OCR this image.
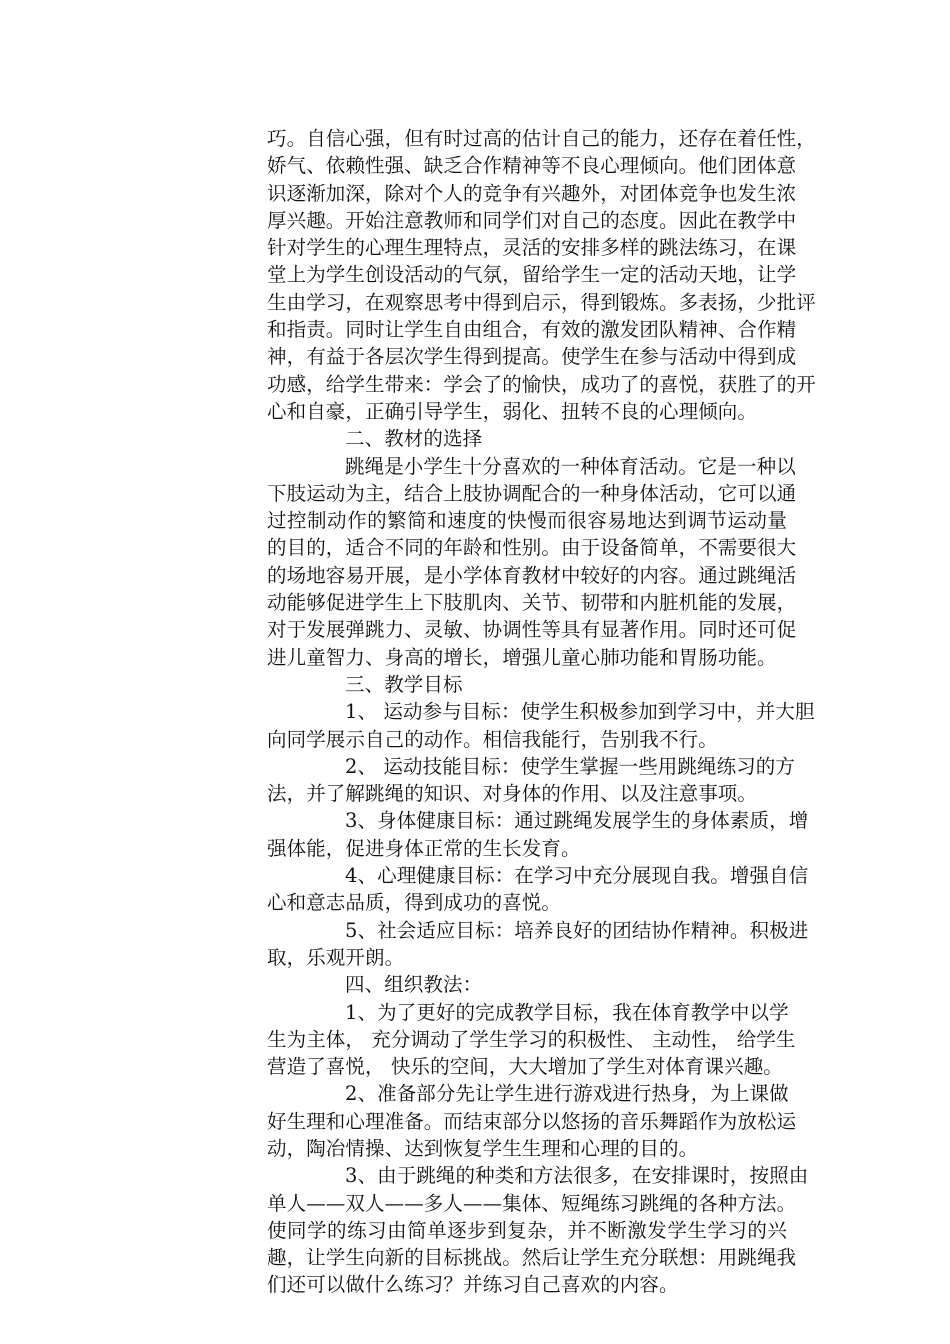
巧。自信心强，但有时过高的估计自己的能力，还存在着任性，
娇气、依赖性强、缺乏合作精神等不良心理倾向。他们团体意
识逐渐加深，除对个人的竞争有兴趣外，对团体竞争也发生浓
厚兴趣。开始注意教师和同学们对自己的态度。因此在教学中
针对学生的心理生理特点，灵活的安排多样的跳法练习，在课
堂上为学生创设活动的气氛，留给学生一定的活动天地，让学
生由学习，在观察思考中得到启示，得到锻炼。多表扬，少批评
和指责。同时让学生自由组合，有效的激发团队精神、合作精
神，有益于各层次学生得到提高。使学生在参与活动中得到成
功感，给学生带来：学会了的愉快，成功了的喜悦，获胜了的开
心和自豪，正确引导学生，弱化、扭转不良的心理倾向。

二、教材的选择

跳绳是小学生十分喜欢的一种体育活动。它是一种以
下肢运动为主，结合上肢协调配合的一种身体活动，它可以通
过控制动作的繁简和速度的快慢而很容易地达到调节运动量
的目的，适合不同的年龄和性别。由于设备简单，不需要很大
的场地容易开展，是小学体育教材中较好的内容。通过跳绳活
动能够促进学生上下肢肌肉、关节、韧带和内脏机能的发展，
对于发展弹跳力、灵敏、协调性等具有显著作用。同时还可促
进儿童智力、身高的增长，增强儿童心肺功能和胃肠功能。

三、教学目标

1、 运动参与目标：使学生积极参加到学习中，并大胆
向同学展示自己的动作。相信我能行，告别我不行。
2、 运动技能目标：使学生掌握一些用跳绳练习的方
法，并了解跳绳的知识、对身体的作用、以及注意事项。
3、身体健康目标：通过跳绳发展学生的身体素质，增
强体能，促进身体正常的生长发育。
4、心理健康目标：在学习中充分展现自我。增强自信
心和意志品质，得到成功的喜悦。
5、社会适应目标：培养良好的团结协作精神。积极进
取，乐观开朗。

四、组织教法：

1、为了更好的完成教学目标，我在体育教学中以学
生为主体， 充分调动了学生学习的积极性、 主动性， 给学生
营造了喜悦， 快乐的空间，大大增加了学生对体育课兴趣。
2、准备部分先让学生进行游戏进行热身，为上课做
好生理和心理准备。而结束部分以悠扬的音乐舞蹈作为放松运
动，陶冶情操、达到恢复学生生理和心理的目的。
3、由于跳绳的种类和方法很多，在安排课时，按照由
单人——双人——多人——集体、短绳练习跳绳的各种方法。
使同学的练习由简单逐步到复杂，并不断激发学生学习的兴
趣，让学生向新的目标挑战。然后让学生充分联想：用跳绳我
们还可以做什么练习？并练习自己喜欢的内容。
